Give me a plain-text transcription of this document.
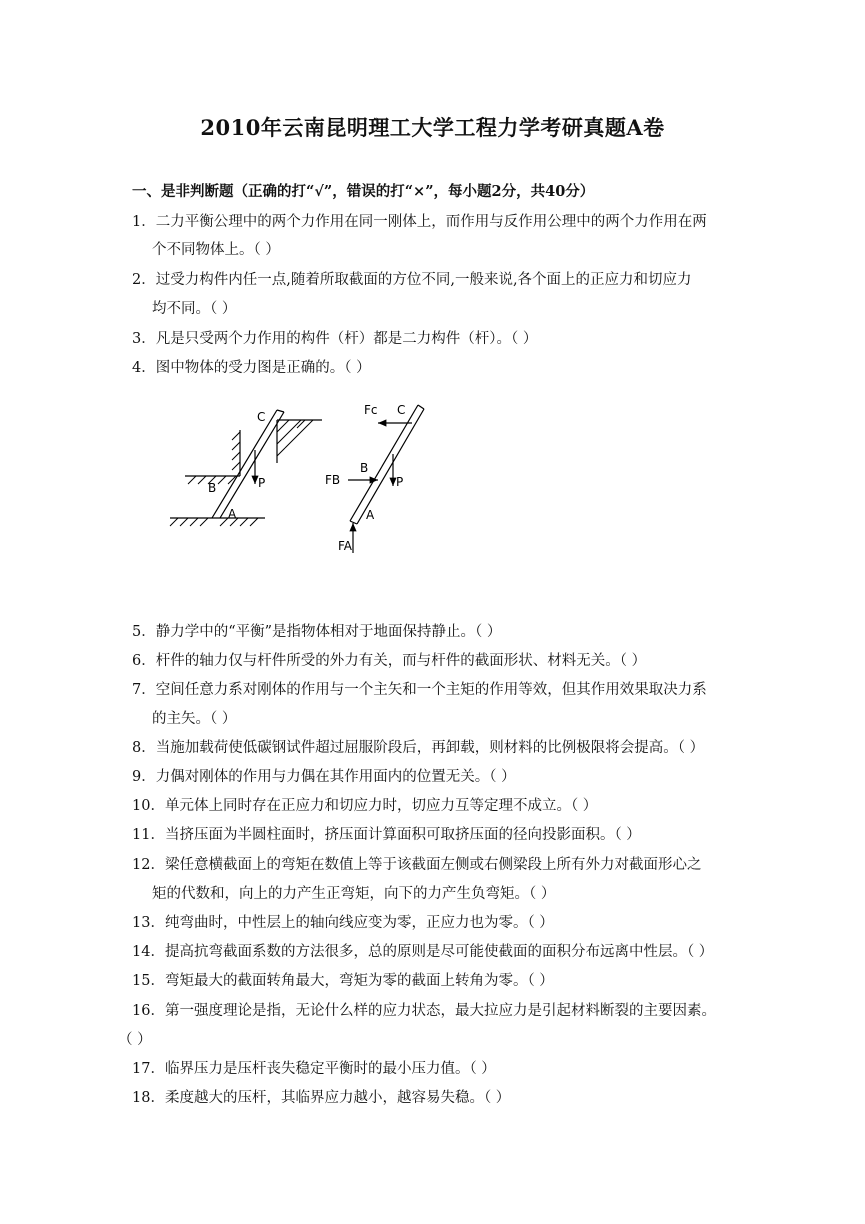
2010年云南昆明理工大学工程力学考研真题A卷
一、是非判断题（正确的打“√”，错误的打“×”，每小题2分，共40分）
1．二力平衡公理中的两个力作用在同一刚体上，而作用与反作用公理中的两个力作用在两
个不同物体上。（ ）
2．过受力构件内任一点,随着所取截面的方位不同,一般来说,各个面上的正应力和切应力
均不同。（ ）
3．凡是只受两个力作用的构件（杆）都是二力构件（杆）。（ ）
4．图中物体的受力图是正确的。（ ）
C
B
A
P
Fc C
FB
B
P
A
FA
5．静力学中的“平衡”是指物体相对于地面保持静止。（ ）
6．杆件的轴力仅与杆件所受的外力有关，而与杆件的截面形状、材料无关。（ ）
7．空间任意力系对刚体的作用与一个主矢和一个主矩的作用等效，但其作用效果取决力系
的主矢。（ ）
8．当施加载荷使低碳钢试件超过屈服阶段后，再卸载，则材料的比例极限将会提高。（ ）
9．力偶对刚体的作用与力偶在其作用面内的位置无关。（ ）
10．单元体上同时存在正应力和切应力时，切应力互等定理不成立。（ ）
11．当挤压面为半圆柱面时，挤压面计算面积可取挤压面的径向投影面积。（ ）
12．梁任意横截面上的弯矩在数值上等于该截面左侧或右侧梁段上所有外力对截面形心之
矩的代数和，向上的力产生正弯矩，向下的力产生负弯矩。（ ）
13．纯弯曲时，中性层上的轴向线应变为零，正应力也为零。（ ）
14．提高抗弯截面系数的方法很多，总的原则是尽可能使截面的面积分布远离中性层。（ ）
15．弯矩最大的截面转角最大，弯矩为零的截面上转角为零。（ ）
16．第一强度理论是指，无论什么样的应力状态，最大拉应力是引起材料断裂的主要因素。
（ ）
17．临界压力是压杆丧失稳定平衡时的最小压力值。（ ）
18．柔度越大的压杆，其临界应力越小，越容易失稳。（ ）
